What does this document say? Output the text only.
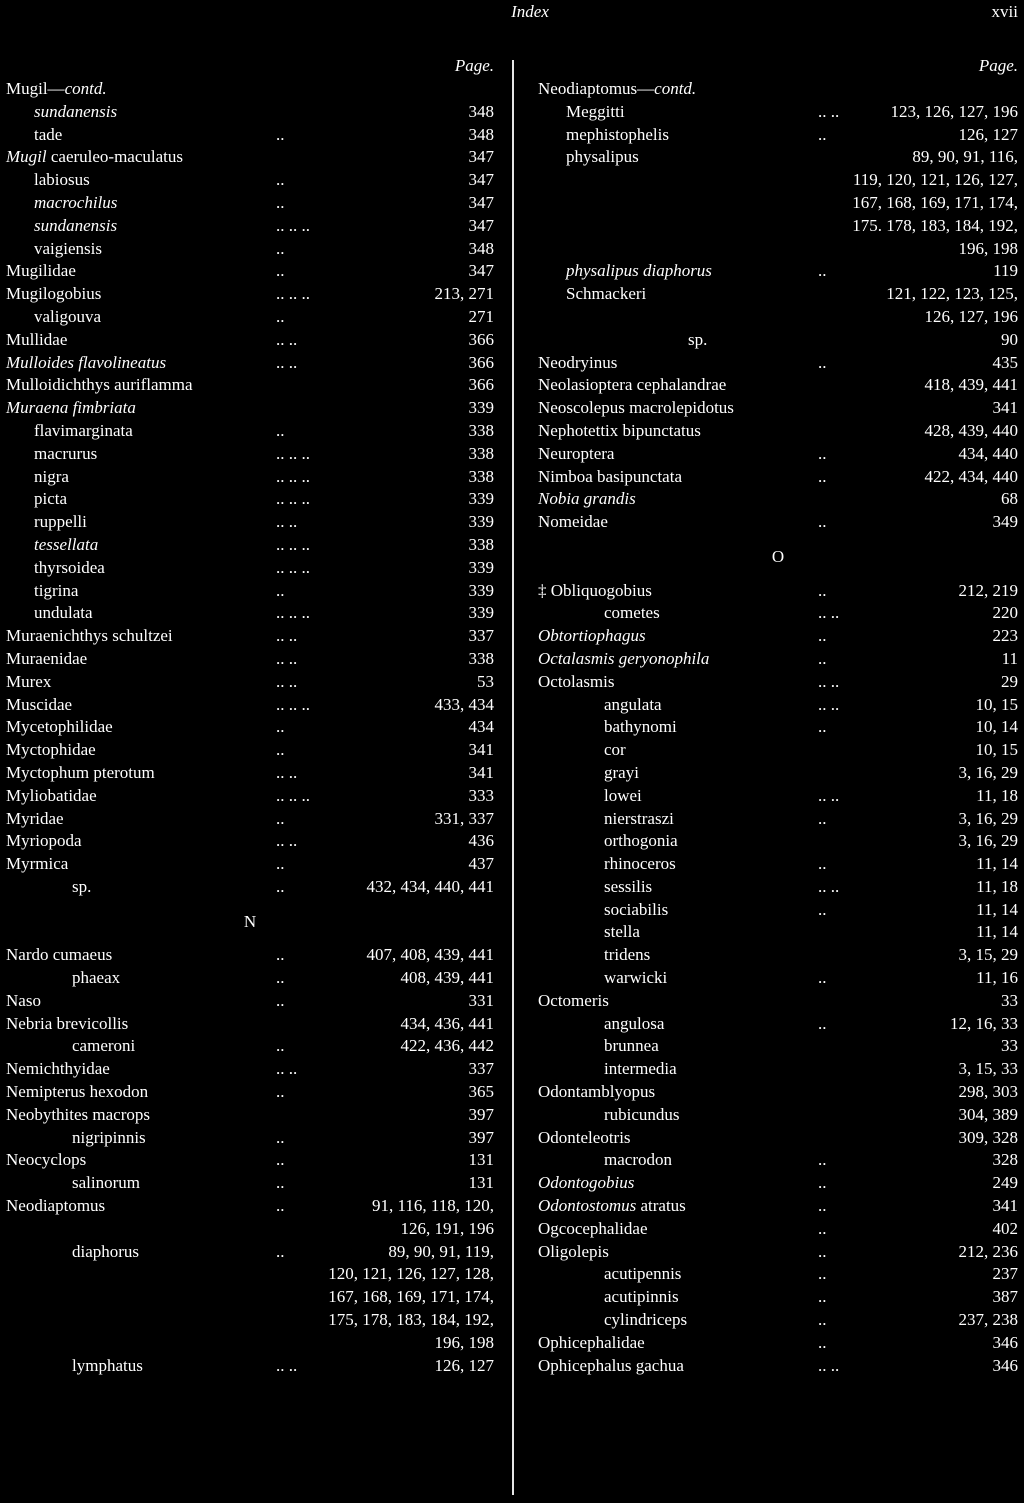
Index	xvii
Page.
Mugil—contd.
sundanensis	348
tade	..	348
Mugil caeruleo-maculatus	347
labiosus	..	347
macrochilus	..	347
sundanensis	.. .. ..	347
vaigiensis	..	348
Mugilidae	..	347
Mugilogobius	.. .. ..	213, 271
valigouva	..	271
Mullidae	.. ..	366
Mulloides flavolineatus	.. ..	366
Mulloidichthys auriflamma	366
Muraena fimbriata	339
flavimarginata	..	338
macrurus	.. .. ..	338
nigra	.. .. ..	338
picta	.. .. ..	339
ruppelli	.. ..	339
tessellata	.. .. ..	338
thyrsoidea	.. .. ..	339
tigrina	..	339
undulata	.. .. ..	339
Muraenichthys schultzei	.. ..	337
Muraenidae	.. ..	338
Murex	.. ..	53
Muscidae	.. .. ..	433, 434
Mycetophilidae	..	434
Myctophidae	..	341
Myctophum pterotum	.. ..	341
Myliobatidae	.. .. ..	333
Myridae	..	331, 337
Myriopoda	.. ..	436
Myrmica	..	437
sp.	..	432, 434, 440, 441
N
Nardo cumaeus	..	407, 408, 439, 441
phaeax	..	408, 439, 441
Naso	..	331
Nebria brevicollis	434, 436, 441
cameroni	..	422, 436, 442
Nemichthyidae	.. ..	337
Nemipterus hexodon	..	365
Neobythites macrops	397
nigripinnis	..	397
Neocyclops	..	131
salinorum	..	131
Neodiaptomus	..	91, 116, 118, 120,
126, 191, 196
diaphorus	..	89, 90, 91, 119,
120, 121, 126, 127, 128,
167, 168, 169, 171, 174,
175, 178, 183, 184, 192,
196, 198
lymphatus	.. ..	126, 127
Page.
Neodiaptomus—contd.
Meggitti	.. ..	123, 126, 127, 196
mephistophelis	..	126, 127
physalipus	89, 90, 91, 116,
119, 120, 121, 126, 127,
167, 168, 169, 171, 174,
175. 178, 183, 184, 192,
196, 198
physalipus diaphorus	..	119
Schmackeri	121, 122, 123, 125,
126, 127, 196
sp.	90
Neodryinus	..	435
Neolasioptera cephalandrae	418, 439, 441
Neoscolepus macrolepidotus	341
Nephotettix bipunctatus	428, 439, 440
Neuroptera	..	434, 440
Nimboa basipunctata	..	422, 434, 440
Nobia grandis	68
Nomeidae	..	349
O
‡ Obliquogobius	..	212, 219
cometes	.. ..	220
Obtortiophagus	..	223
Octalasmis geryonophila	..	11
Octolasmis	.. ..	29
angulata	.. ..	10, 15
bathynomi	..	10, 14
cor	10, 15
grayi	3, 16, 29
lowei	.. ..	11, 18
nierstraszi	..	3, 16, 29
orthogonia	3, 16, 29
rhinoceros	..	11, 14
sessilis	.. ..	11, 18
sociabilis	..	11, 14
stella	11, 14
tridens	3, 15, 29
warwicki	..	11, 16
Octomeris	33
angulosa	..	12, 16, 33
brunnea	33
intermedia	3, 15, 33
Odontamblyopus	298, 303
rubicundus	304, 389
Odonteleotris	309, 328
macrodon	..	328
Odontogobius	..	249
Odontostomus atratus	..	341
Ogcocephalidae	..	402
Oligolepis	..	212, 236
acutipennis	..	237
acutipinnis	..	387
cylindriceps	..	237, 238
Ophicephalidae	..	346
Ophicephalus gachua	.. ..	346
